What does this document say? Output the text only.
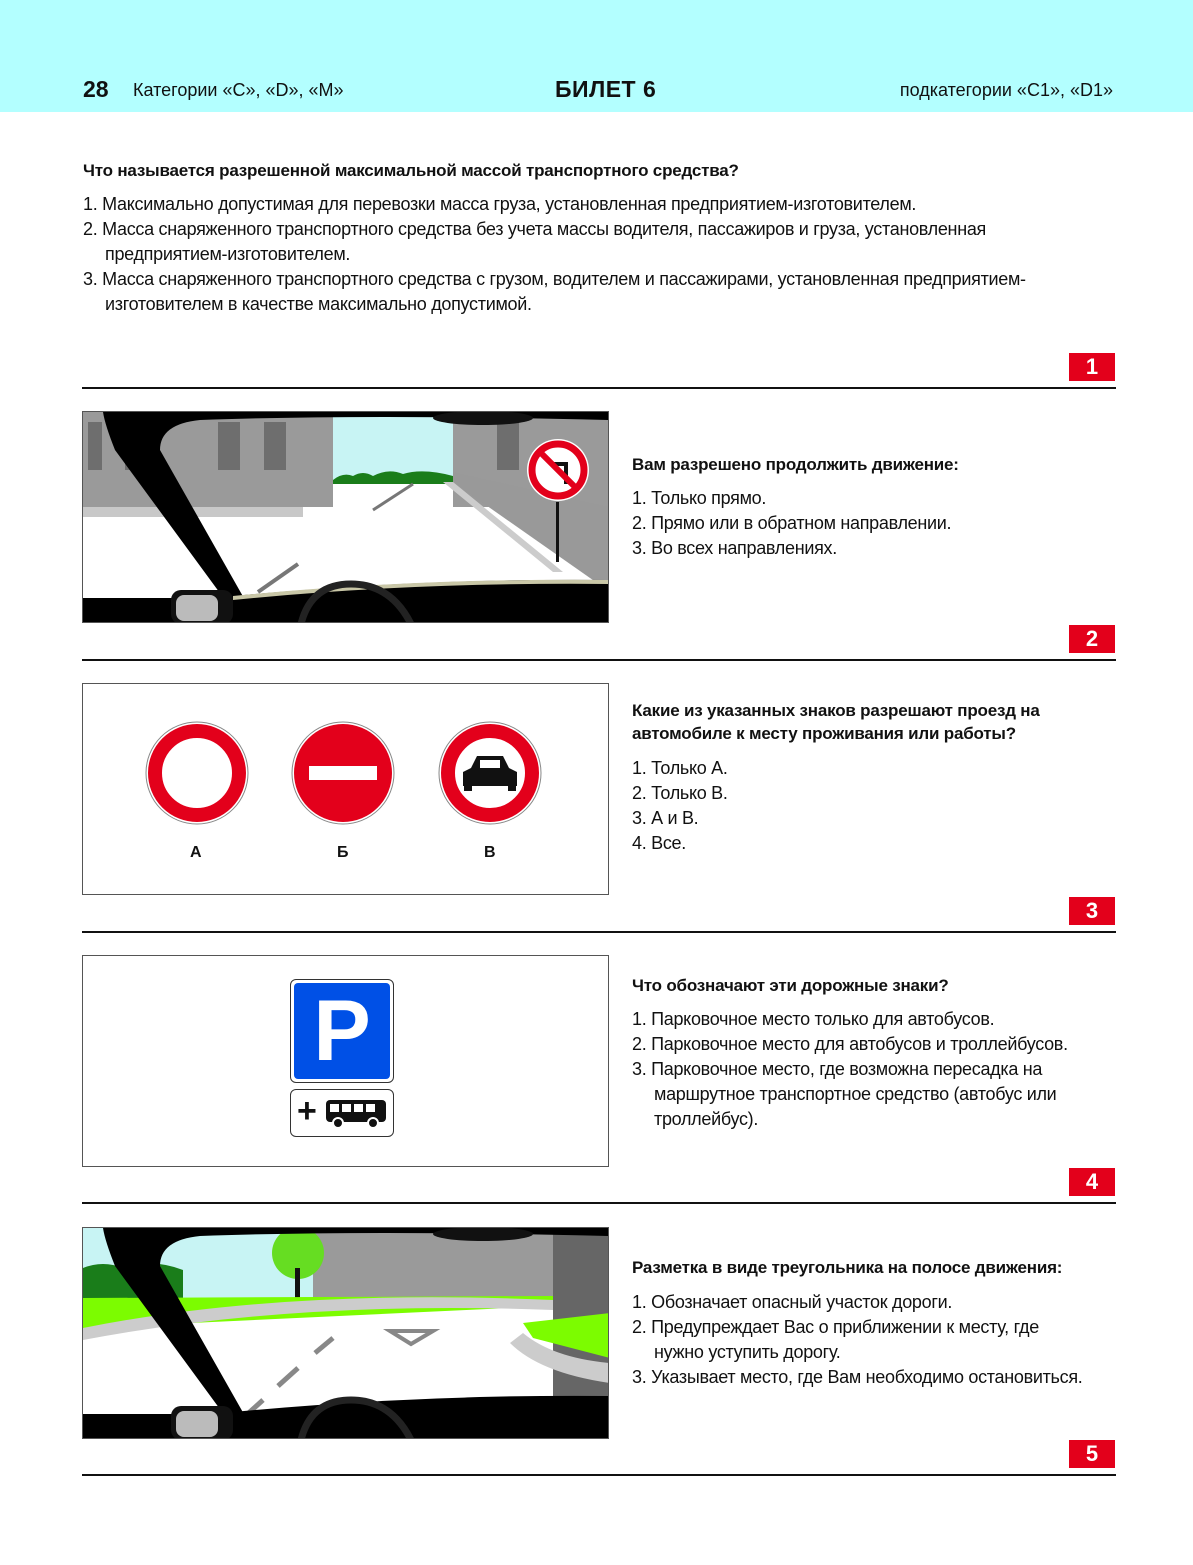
28 Категории «C», «D», «M»	БИЛЕТ 6	подкатегории «C1», «D1»
Что называется разрешенной максимальной массой транспортного средства?
1. Максимально допустимая для перевозки масса груза, установленная предприятием-изготовителем.
2. Масса снаряженного транспортного средства без учета массы водителя, пассажиров и груза, установленная предприятием-изготовителем.
3. Масса снаряженного транспортного средства с грузом, водителем и пассажирами, установленная предприятием-изготовителем в качестве максимально допустимой.
1
Вам разрешено продолжить движение:
1. Только прямо.
2. Прямо или в обратном направлении.
3. Во всех направлениях.
2
А	Б	В
Какие из указанных знаков разрешают проезд на автомобиле к месту проживания или работы?
1. Только А.
2. Только В.
3. А и В.
4. Все.
3
P
+
Что обозначают эти дорожные знаки?
1. Парковочное место только для автобусов.
2. Парковочное место для автобусов и троллейбусов.
3. Парковочное место, где возможна пересадка на маршрутное транспортное средство (автобус или троллейбус).
4
Разметка в виде треугольника на полосе движения:
1. Обозначает опасный участок дороги.
2. Предупреждает Вас о приближении к месту, где нужно уступить дорогу.
3. Указывает место, где Вам необходимо остановиться.
5
